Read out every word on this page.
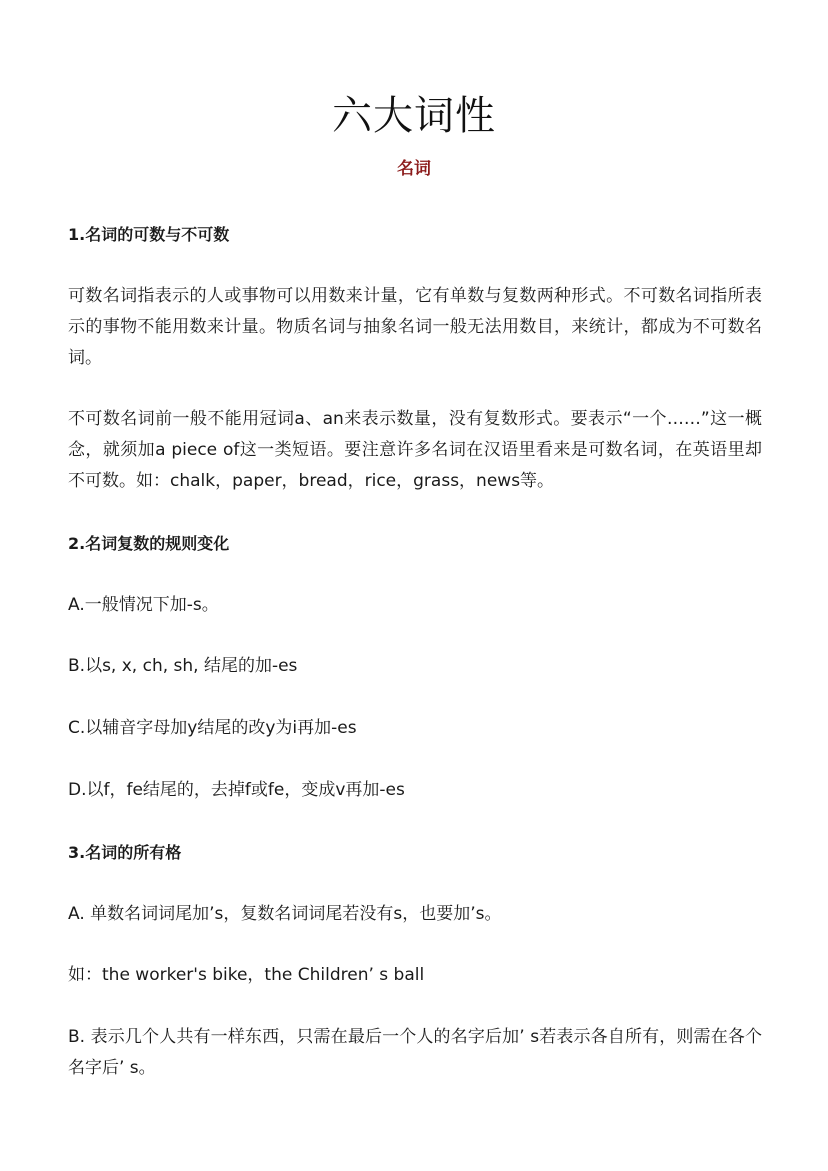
六大词性
名词
1.名词的可数与不可数

可数名词指表示的人或事物可以用数来计量，它有单数与复数两种形式。不可数名词指所表示的事物不能用数来计量。物质名词与抽象名词一般无法用数目，来统计，都成为不可数名词。

不可数名词前一般不能用冠词a、an来表示数量，没有复数形式。要表示“一个……”这一概念，就须加a piece of这一类短语。要注意许多名词在汉语里看来是可数名词，在英语里却不可数。如：chalk，paper，bread，rice，grass，news等。

2.名词复数的规则变化

A.一般情况下加-s。

B.以s, x, ch, sh, 结尾的加-es

C.以辅音字母加y结尾的改y为i再加-es

D.以f，fe结尾的，去掉f或fe，变成v再加-es

3.名词的所有格

A. 单数名词词尾加’s，复数名词词尾若没有s，也要加’s。

如：the worker's bike，the Children’ s ball

B. 表示几个人共有一样东西，只需在最后一个人的名字后加’ s若表示各自所有，则需在各个名字后’ s。
